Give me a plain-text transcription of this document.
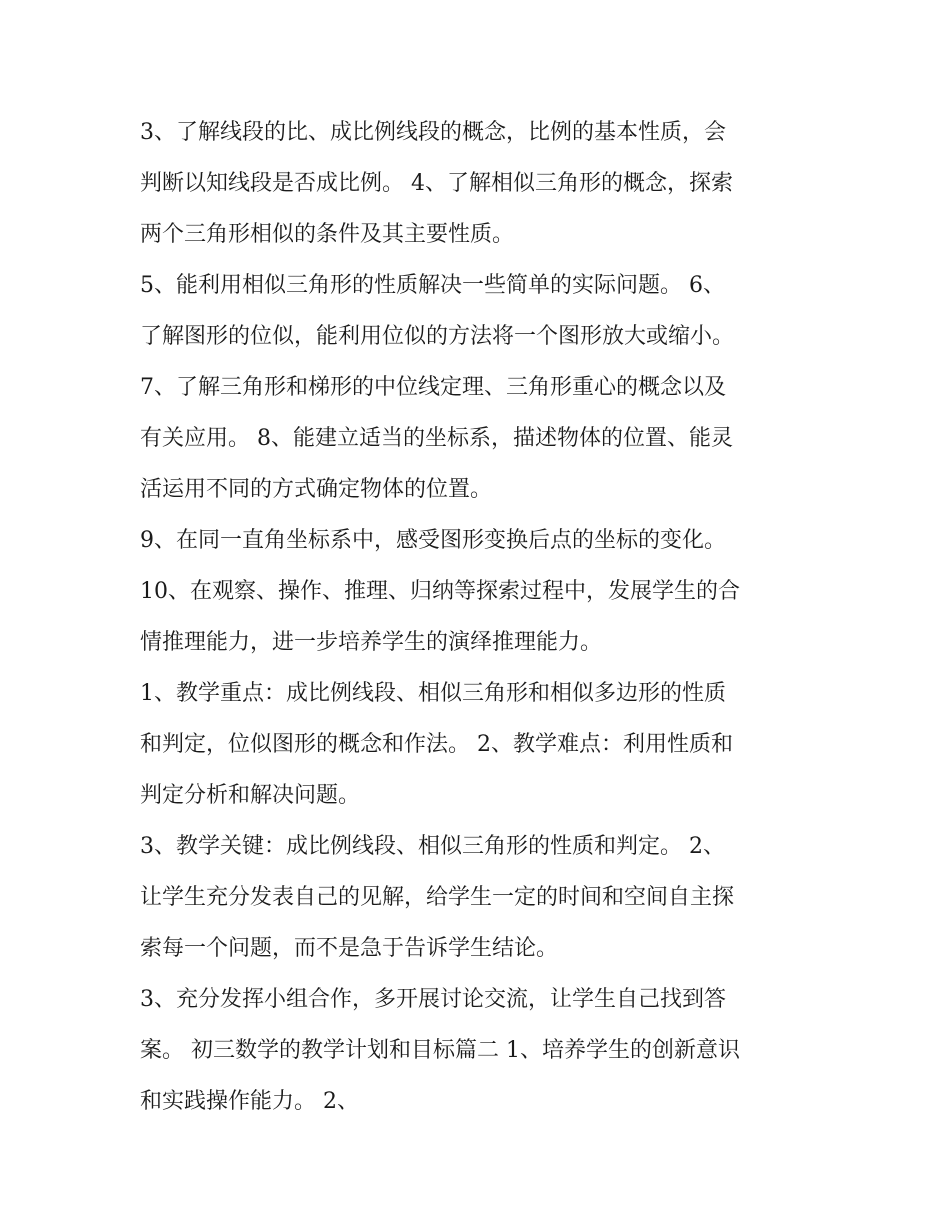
3、了解线段的比、成比例线段的概念，比例的基本性质，会
判断以知线段是否成比例。 4、了解相似三角形的概念，探索
两个三角形相似的条件及其主要性质。
5、能利用相似三角形的性质解决一些简单的实际问题。 6、
了解图形的位似，能利用位似的方法将一个图形放大或缩小。
7、了解三角形和梯形的中位线定理、三角形重心的概念以及
有关应用。 8、能建立适当的坐标系，描述物体的位置、能灵
活运用不同的方式确定物体的位置。
9、在同一直角坐标系中，感受图形变换后点的坐标的变化。
10、在观察、操作、推理、归纳等探索过程中，发展学生的合
情推理能力，进一步培养学生的演绎推理能力。
1、教学重点：成比例线段、相似三角形和相似多边形的性质
和判定，位似图形的概念和作法。 2、教学难点：利用性质和
判定分析和解决问题。
3、教学关键：成比例线段、相似三角形的性质和判定。 2、
让学生充分发表自己的见解，给学生一定的时间和空间自主探
索每一个问题，而不是急于告诉学生结论。
3、充分发挥小组合作，多开展讨论交流，让学生自己找到答
案。 初三数学的教学计划和目标篇二 1、培养学生的创新意识
和实践操作能力。 2、
